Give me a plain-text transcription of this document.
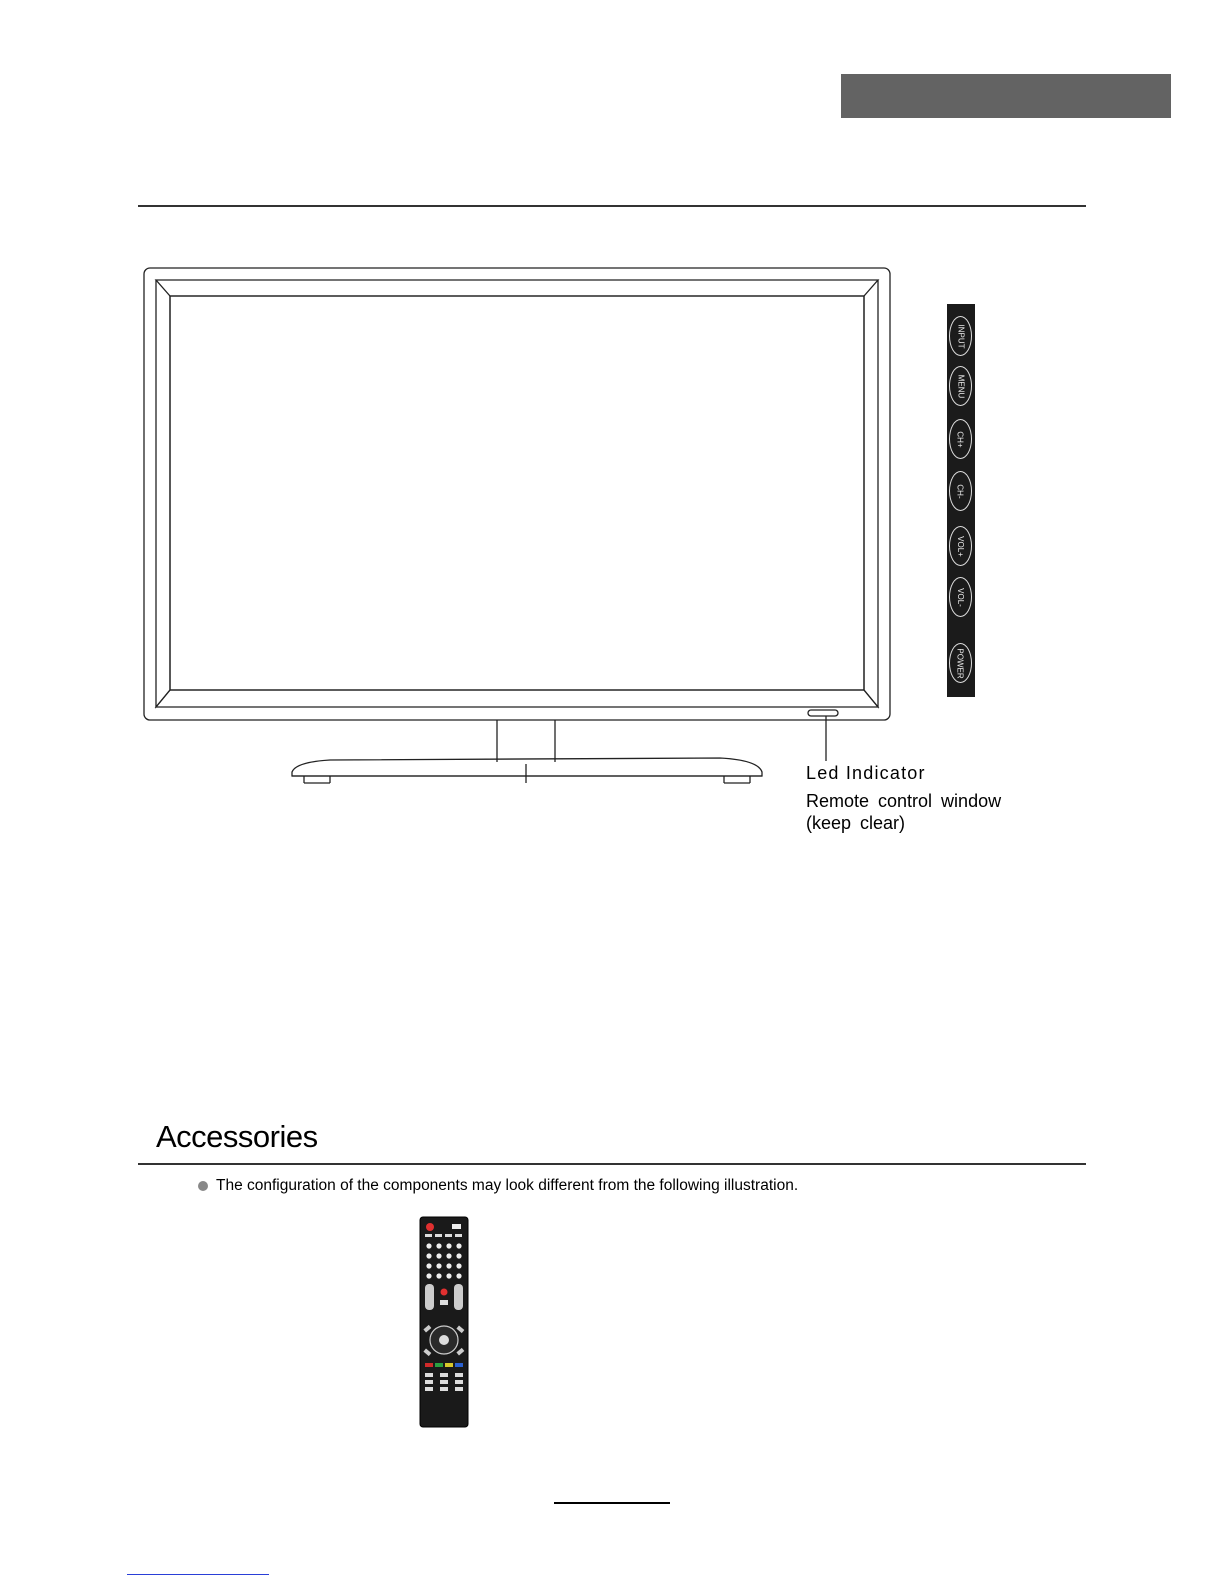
INPUT
MENU
CH+
CH-
VOL+
VOL-
POWER
Led Indicator
Remote control window
(keep clear)
Accessories
The configuration of the components may look different from the following illustration.
